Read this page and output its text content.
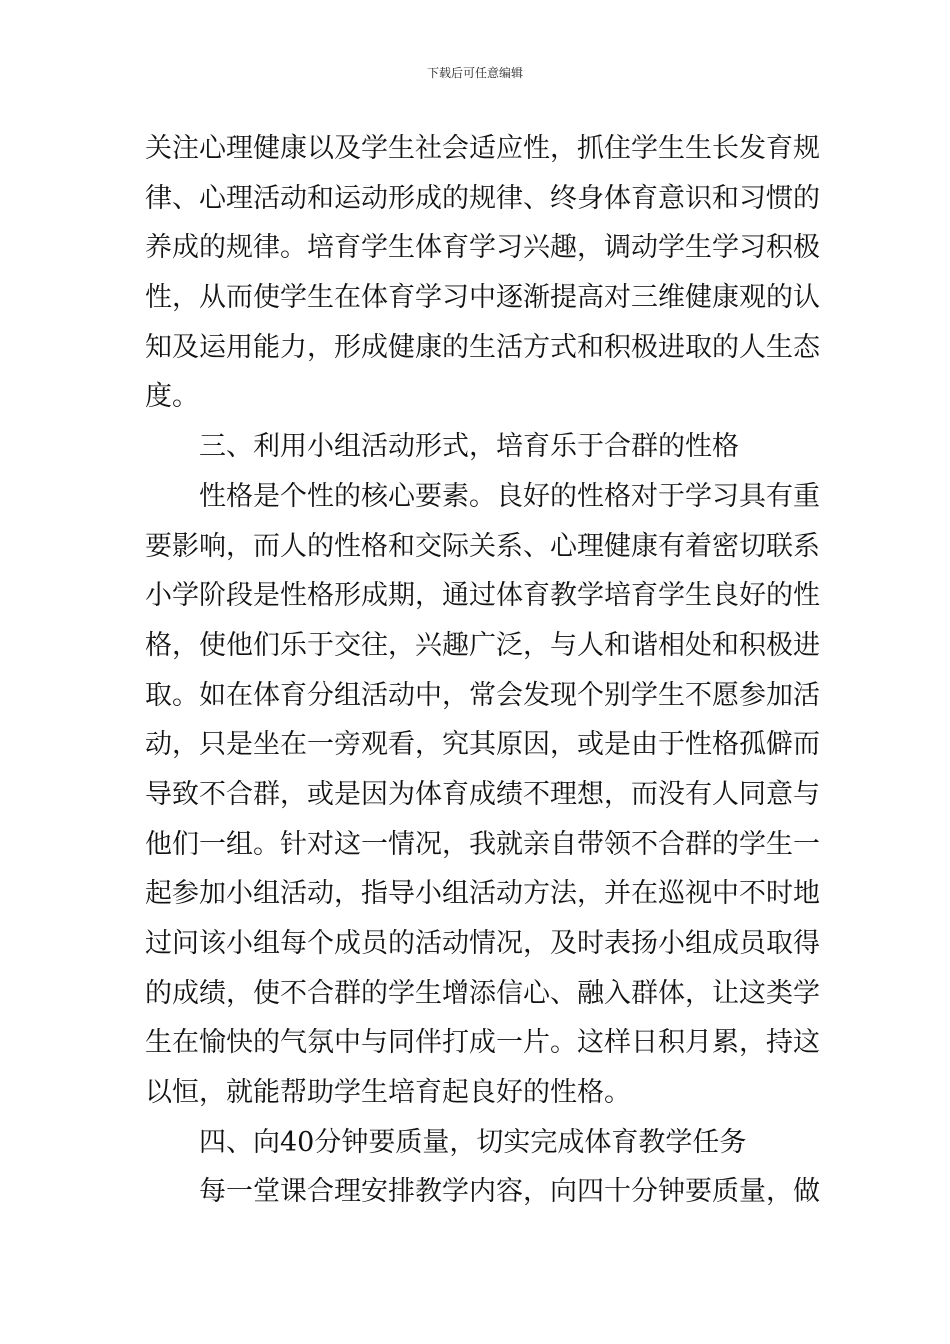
下载后可任意编辑
关注心理健康以及学生社会适应性，抓住学生生长发育规
律、心理活动和运动形成的规律、终身体育意识和习惯的
养成的规律。培育学生体育学习兴趣，调动学生学习积极
性，从而使学生在体育学习中逐渐提高对三维健康观的认
知及运用能力，形成健康的生活方式和积极进取的人生态
度。
三、利用小组活动形式，培育乐于合群的性格
性格是个性的核心要素。良好的性格对于学习具有重
要影响，而人的性格和交际关系、心理健康有着密切联系
小学阶段是性格形成期，通过体育教学培育学生良好的性
格，使他们乐于交往，兴趣广泛，与人和谐相处和积极进
取。如在体育分组活动中，常会发现个别学生不愿参加活
动，只是坐在一旁观看，究其原因，或是由于性格孤僻而
导致不合群，或是因为体育成绩不理想，而没有人同意与
他们一组。针对这一情况，我就亲自带领不合群的学生一
起参加小组活动，指导小组活动方法，并在巡视中不时地
过问该小组每个成员的活动情况，及时表扬小组成员取得
的成绩，使不合群的学生增添信心、融入群体，让这类学
生在愉快的气氛中与同伴打成一片。这样日积月累，持这
以恒，就能帮助学生培育起良好的性格。
四、向40分钟要质量，切实完成体育教学任务
每一堂课合理安排教学内容，向四十分钟要质量，做
